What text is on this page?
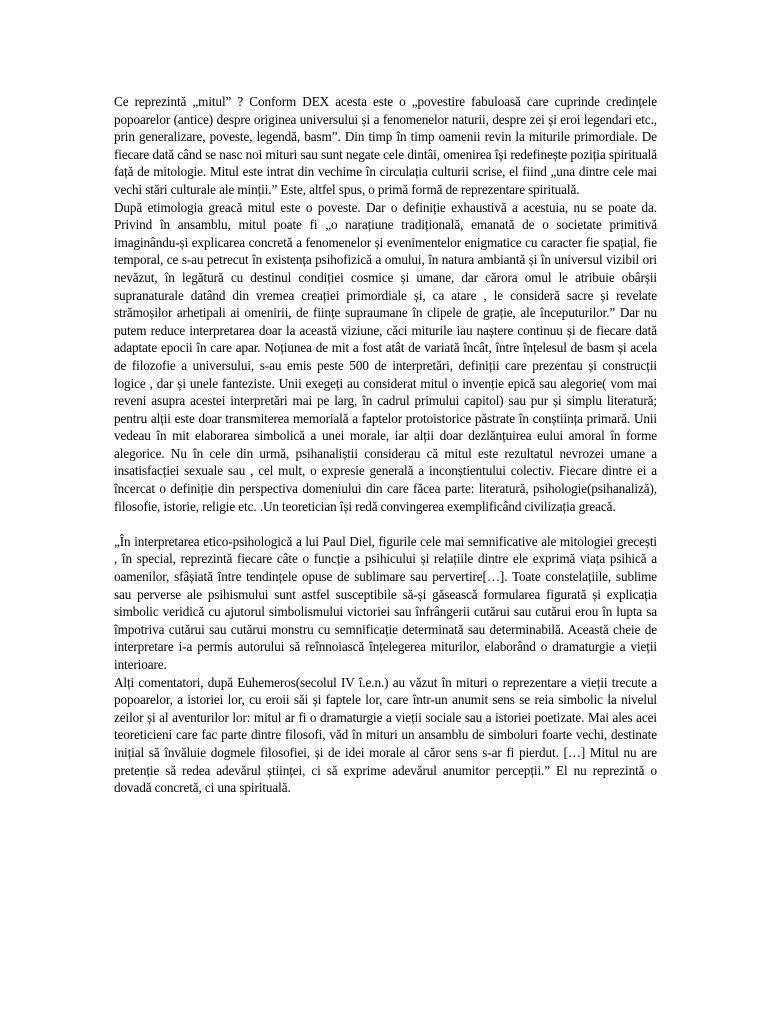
Ce reprezintă „mitul” ? Conform DEX acesta este o „povestire fabuloasă care cuprinde credințele popoarelor (antice) despre originea universului și a fenomenelor naturii, despre zei și eroi legendari etc., prin generalizare, poveste, legendă, basm”. Din timp în timp oamenii revin la miturile primordiale. De fiecare dată când se nasc noi mituri sau sunt negate cele dintâi, omenirea își redefinește poziția spirituală față de mitologie. Mitul este intrat din vechime în circulația culturii scrise, el fiind „una dintre cele mai vechi stări culturale ale minții.” Este, altfel spus, o primă formă de reprezentare spirituală.

După etimologia greacă mitul este o poveste. Dar o definiție exhaustivă a acestuia, nu se poate da. Privind în ansamblu, mitul poate fi „o narațiune tradițională, emanată de o societate primitivă imaginându-și explicarea concretă a fenomenelor și evenimentelor enigmatice cu caracter fie spațial, fie temporal, ce s-au petrecut în existența psihofizică a omului, în natura ambiantă și în universul vizibil ori nevăzut, în legătură cu destinul condiției cosmice și umane, dar cărora omul le atribuie obârșii supranaturale datând din vremea creației primordiale și, ca atare , le consideră sacre și revelate strămoșilor arhetipali ai omenirii, de ființe supraumane în clipele de grație, ale începuturilor.” Dar nu putem reduce interpretarea doar la această viziune, căci miturile iau naștere continuu și de fiecare dată adaptate epocii în care apar. Noțiunea de mit a fost atât de variată încât, între înțelesul de basm și acela de filozofie a universului, s-au emis peste 500 de interpretări, definiții care prezentau și construcții logice , dar și unele fanteziste. Unii exegeți au considerat mitul o invenție epică sau alegorie( vom mai reveni asupra acestei interpretări mai pe larg, în cadrul primului capitol) sau pur și simplu literatură; pentru alții este doar transmiterea memorială a faptelor protoistorice păstrate în conștiința primară. Unii vedeau în mit elaborarea simbolică a unei morale, iar alții doar dezlănțuirea eului amoral în forme alegorice. Nu în cele din urmă, psihanaliștii considerau că mitul este rezultatul nevrozei umane a insatisfacției sexuale sau , cel mult, o expresie generală a inconștientului colectiv. Fiecare dintre ei a încercat o definiție din perspectiva domeniului din care făcea parte: literatură, psihologie(psihanaliză), filosofie, istorie, religie etc. .Un teoretician își redă convingerea exemplificând civilizația greacă.

„În interpretarea etico-psihologică a lui Paul Diel, figurile cele mai semnificative ale mitologiei grecești , în special, reprezintă fiecare câte o funcție a psihicului și relațiile dintre ele exprimă viața psihică a oamenilor, sfâșiată între tendințele opuse de sublimare sau pervertire[…]. Toate constelațiile, sublime sau perverse ale psihismului sunt astfel susceptibile să-și găsească formularea figurată și explicația simbolic veridică cu ajutorul simbolismului victoriei sau înfrângerii cutărui sau cutărui erou în lupta sa împotriva cutărui sau cutărui monstru cu semnificație determinată sau determinabilă. Această cheie de interpretare i-a permis autorului să reînnoiască înțelegerea miturilor, elaborând o dramaturgie a vieții interioare.

Alți comentatori, după Euhemeros(secolul IV î.e.n.) au văzut în mituri o reprezentare a vieții trecute a popoarelor, a istoriei lor, cu eroii săi și faptele lor, care într-un anumit sens se reia simbolic la nivelul zeilor și al aventurilor lor: mitul ar fi o dramaturgie a vieții sociale sau a istoriei poetizate. Mai ales acei teoreticieni care fac parte dintre filosofi, văd în mituri un ansamblu de simboluri foarte vechi, destinate inițial să învăluie dogmele filosofiei, și de idei morale al căror sens s-ar fi pierdut. […] Mitul nu are pretenție să redea adevărul științei, ci să exprime adevărul anumitor percepții.” El nu reprezintă o dovadă concretă, ci una spirituală.
